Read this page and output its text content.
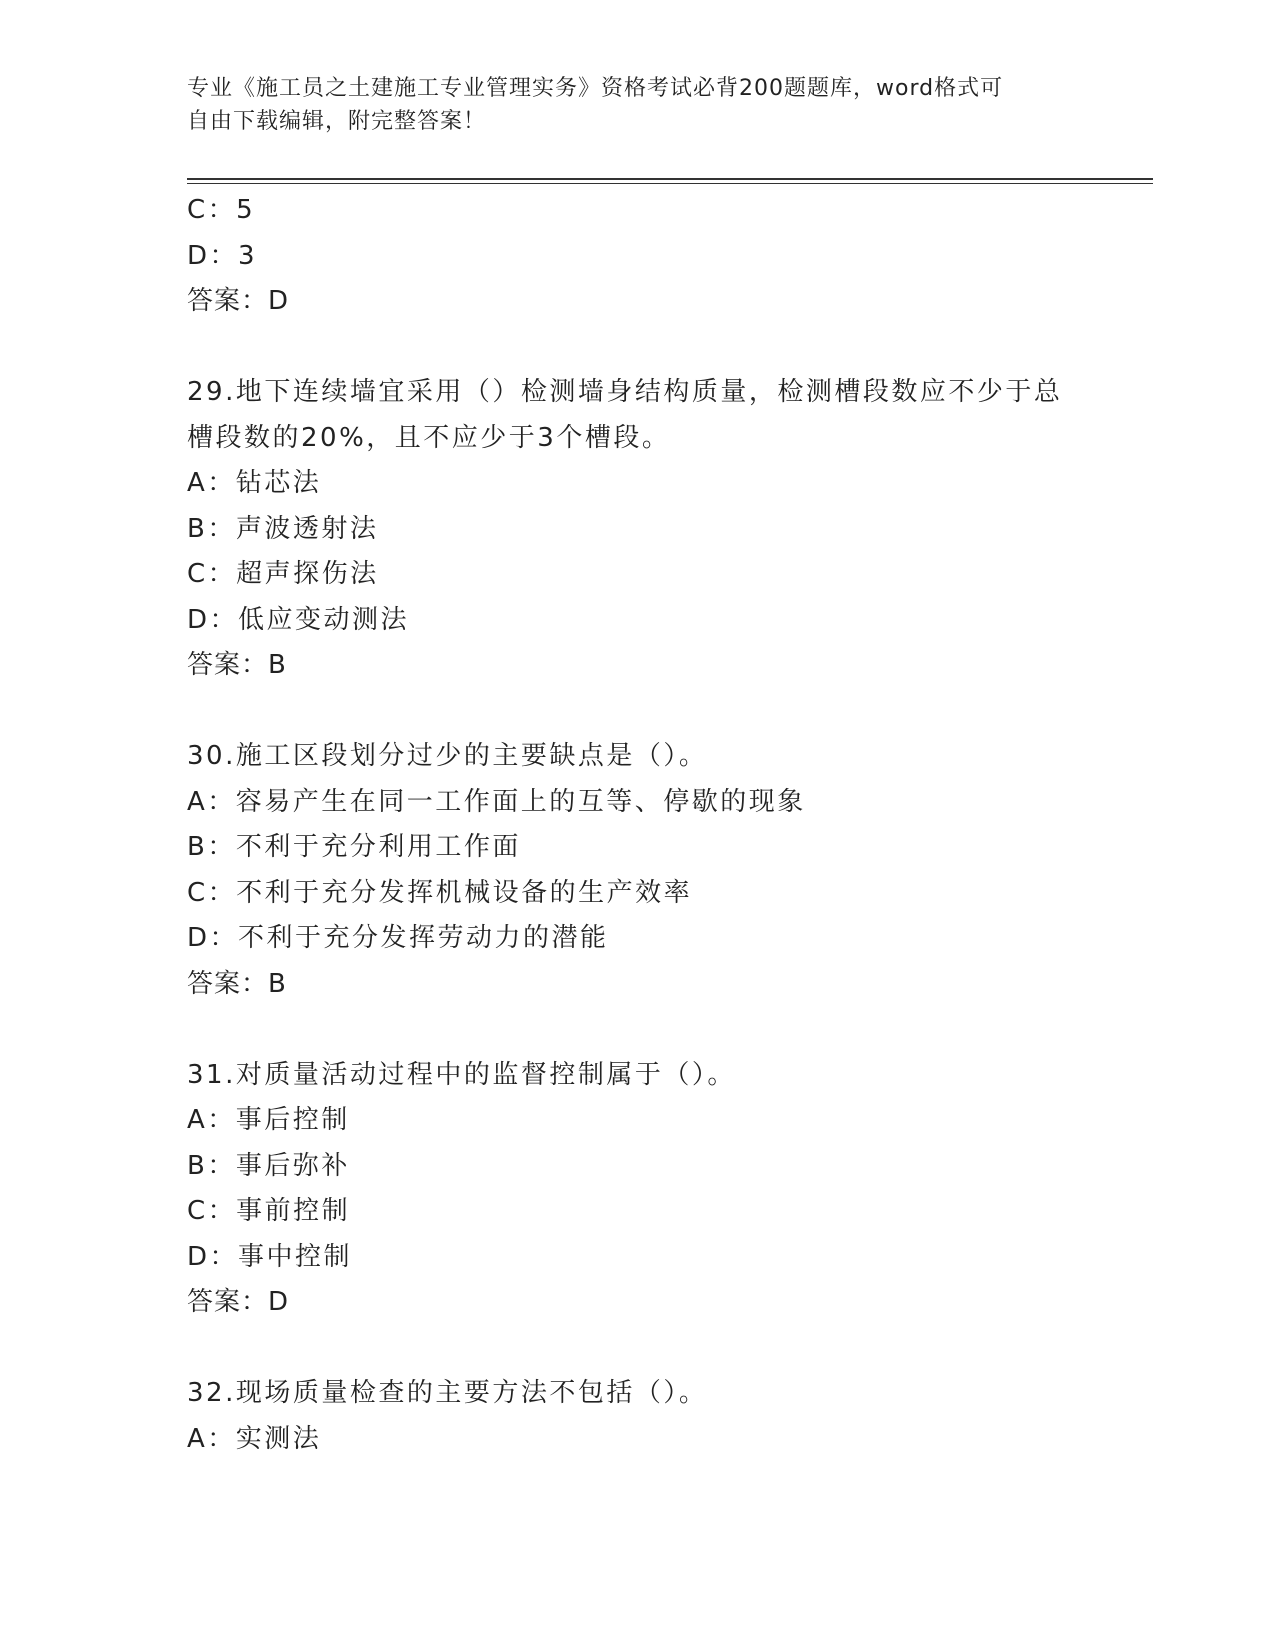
专业《施工员之土建施工专业管理实务》资格考试必背200题题库，word格式可
自由下载编辑，附完整答案！
C：5
D：3
答案：D
29.地下连续墙宜采用（）检测墙身结构质量，检测槽段数应不少于总
槽段数的20%，且不应少于3个槽段。
A：钻芯法
B：声波透射法
C：超声探伤法
D：低应变动测法
答案：B
30.施工区段划分过少的主要缺点是（）。
A：容易产生在同一工作面上的互等、停歇的现象
B：不利于充分利用工作面
C：不利于充分发挥机械设备的生产效率
D：不利于充分发挥劳动力的潜能
答案：B
31.对质量活动过程中的监督控制属于（）。
A：事后控制
B：事后弥补
C：事前控制
D：事中控制
答案：D
32.现场质量检查的主要方法不包括（）。
A：实测法
